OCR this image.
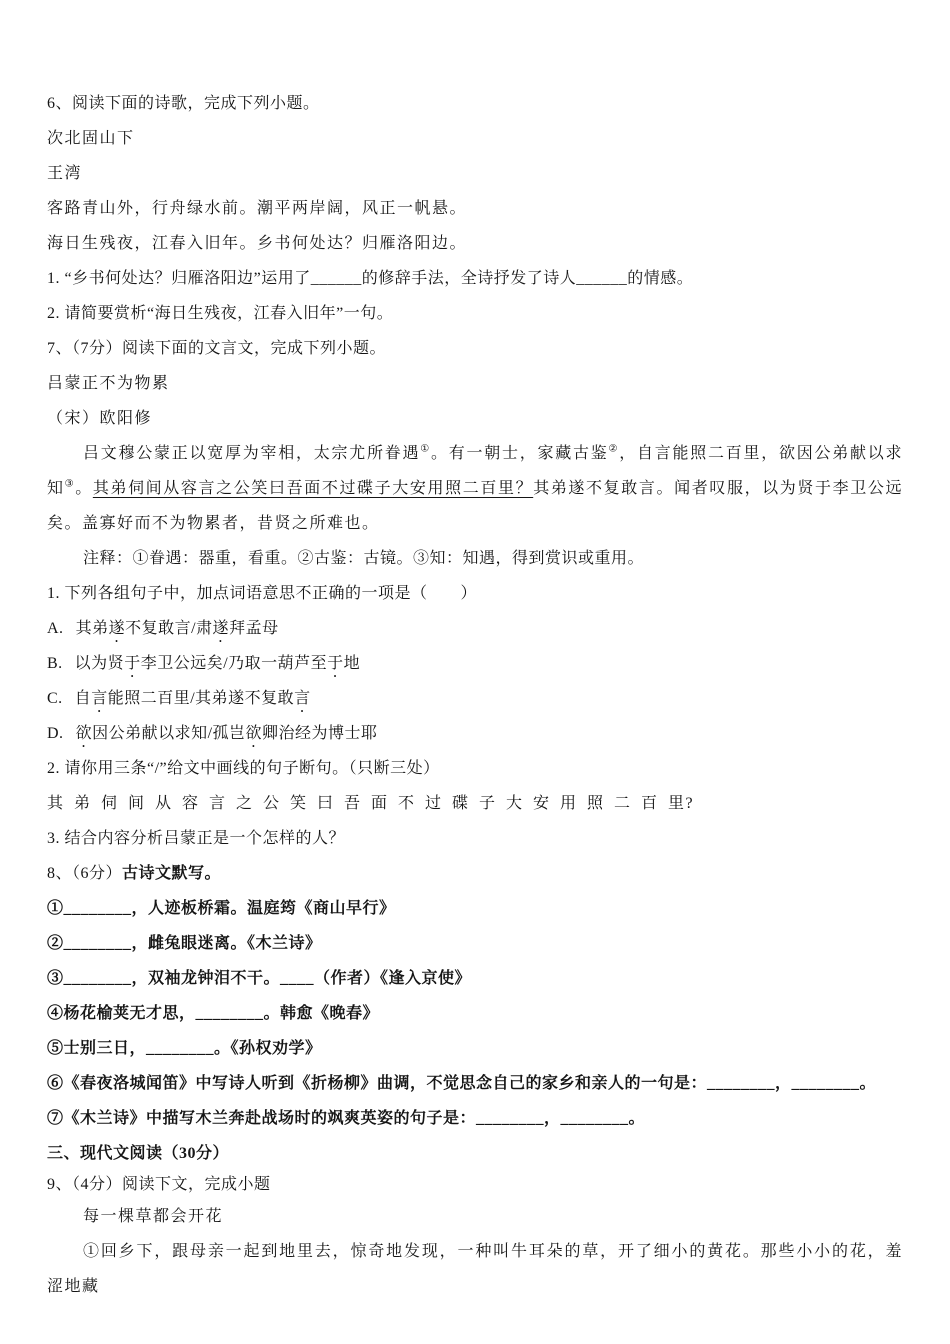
6、阅读下面的诗歌，完成下列小题。

次北固山下

王湾

客路青山外，行舟绿水前。潮平两岸阔，风正一帆悬。

海日生残夜，江春入旧年。乡书何处达？归雁洛阳边。

1. “乡书何处达？归雁洛阳边”运用了______的修辞手法，全诗抒发了诗人______的情感。

2. 请简要赏析“海日生残夜，江春入旧年”一句。

7、（7分）阅读下面的文言文，完成下列小题。

吕蒙正不为物累

（宋）欧阳修

吕文穆公蒙正以宽厚为宰相，太宗尤所眷遇①。有一朝士，家藏古鉴②，自言能照二百里，欲因公弟献以求知③。其弟伺间从容言之公笑曰吾面不过碟子大安用照二百里？其弟遂不复敢言。闻者叹服，以为贤于李卫公远矣。盖寡好而不为物累者，昔贤之所难也。

注释：①眷遇：器重，看重。②古鉴：古镜。③知：知遇，得到赏识或重用。

1. 下列各组句子中，加点词语意思不正确的一项是（　　）

A. 其弟遂不复敢言/肃遂拜孟母

B. 以为贤于李卫公远矣/乃取一葫芦至于地

C. 自言能照二百里/其弟遂不复敢言

D. 欲因公弟献以求知/孤岂欲卿治经为博士耶

2. 请你用三条“/”给文中画线的句子断句。（只断三处）

其 弟 伺 间 从 容 言 之 公 笑 曰 吾 面 不 过 碟 子 大 安 用 照 二 百 里?

3. 结合内容分析吕蒙正是一个怎样的人？

8、（6分）古诗文默写。

①________，人迹板桥霜。温庭筠《商山早行》

②________，雌兔眼迷离。《木兰诗》

③________，双袖龙钟泪不干。____（作者）《逢入京使》

④杨花榆荚无才思，________。韩愈《晚春》

⑤士别三日，________。《孙权劝学》

⑥《春夜洛城闻笛》中写诗人听到《折杨柳》曲调，不觉思念自己的家乡和亲人的一句是：________，________。

⑦《木兰诗》中描写木兰奔赴战场时的飒爽英姿的句子是：________，________。

三、现代文阅读（30分）

9、（4分）阅读下文，完成小题

每一棵草都会开花

①回乡下，跟母亲一起到地里去，惊奇地发现，一种叫牛耳朵的草，开了细小的黄花。那些小小的花，羞涩地藏
